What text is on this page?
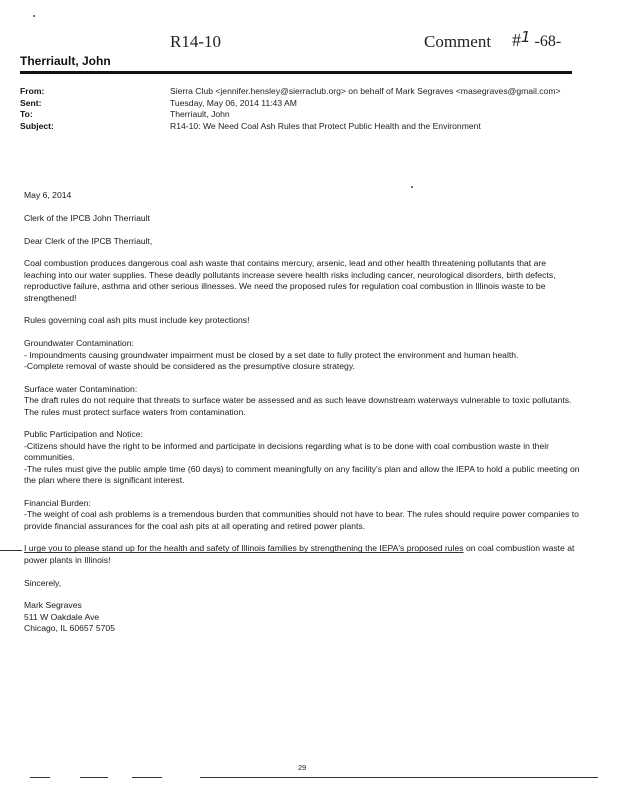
R14-10	Comment #1 -68-
Therriault, John
From:	Sierra Club <jennifer.hensley@sierraclub.org> on behalf of Mark Segraves <masegraves@gmail.com>
Sent:	Tuesday, May 06, 2014 11:43 AM
To:	Therriault, John
Subject:	R14-10: We Need Coal Ash Rules that Protect Public Health and the Environment

May 6, 2014

Clerk of the IPCB John Therriault

Dear Clerk of the IPCB Therriault,

Coal combustion produces dangerous coal ash waste that contains mercury, arsenic, lead and other health threatening pollutants that are leaching into our water supplies. These deadly pollutants increase severe health risks including cancer, neurological disorders, birth defects, reproductive failure, asthma and other serious illnesses. We need the proposed rules for regulation coal combustion in Illinois waste to be strengthened!

Rules governing coal ash pits must include key protections!

Groundwater Contamination:
- Impoundments causing groundwater impairment must be closed by a set date to fully protect the environment and human health.

-Complete removal of waste should be considered as the presumptive closure strategy.

Surface water Contamination:

The draft rules do not require that threats to surface water be assessed and as such leave downstream waterways vulnerable to toxic pollutants. The rules must protect surface waters from contamination.

Public Participation and Notice:
-Citizens should have the right to be informed and participate in decisions regarding what is to be done with coal combustion waste in their communities.

-The rules must give the public ample time (60 days) to comment meaningfully on any facility's plan and allow the IEPA to hold a public meeting on the plan where there is significant interest.

Financial Burden:

-The weight of coal ash problems is a tremendous burden that communities should not have to bear. The rules should require power companies to provide financial assurances for the coal ash pits at all operating and retired power plants.

I urge you to please stand up for the health and safety of Illinois families by strengthening the IEPA's proposed rules on coal combustion waste at power plants in Illinois!

Sincerely,

Mark Segraves
511 W Oakdale Ave
Chicago, IL 60657 5705
29
